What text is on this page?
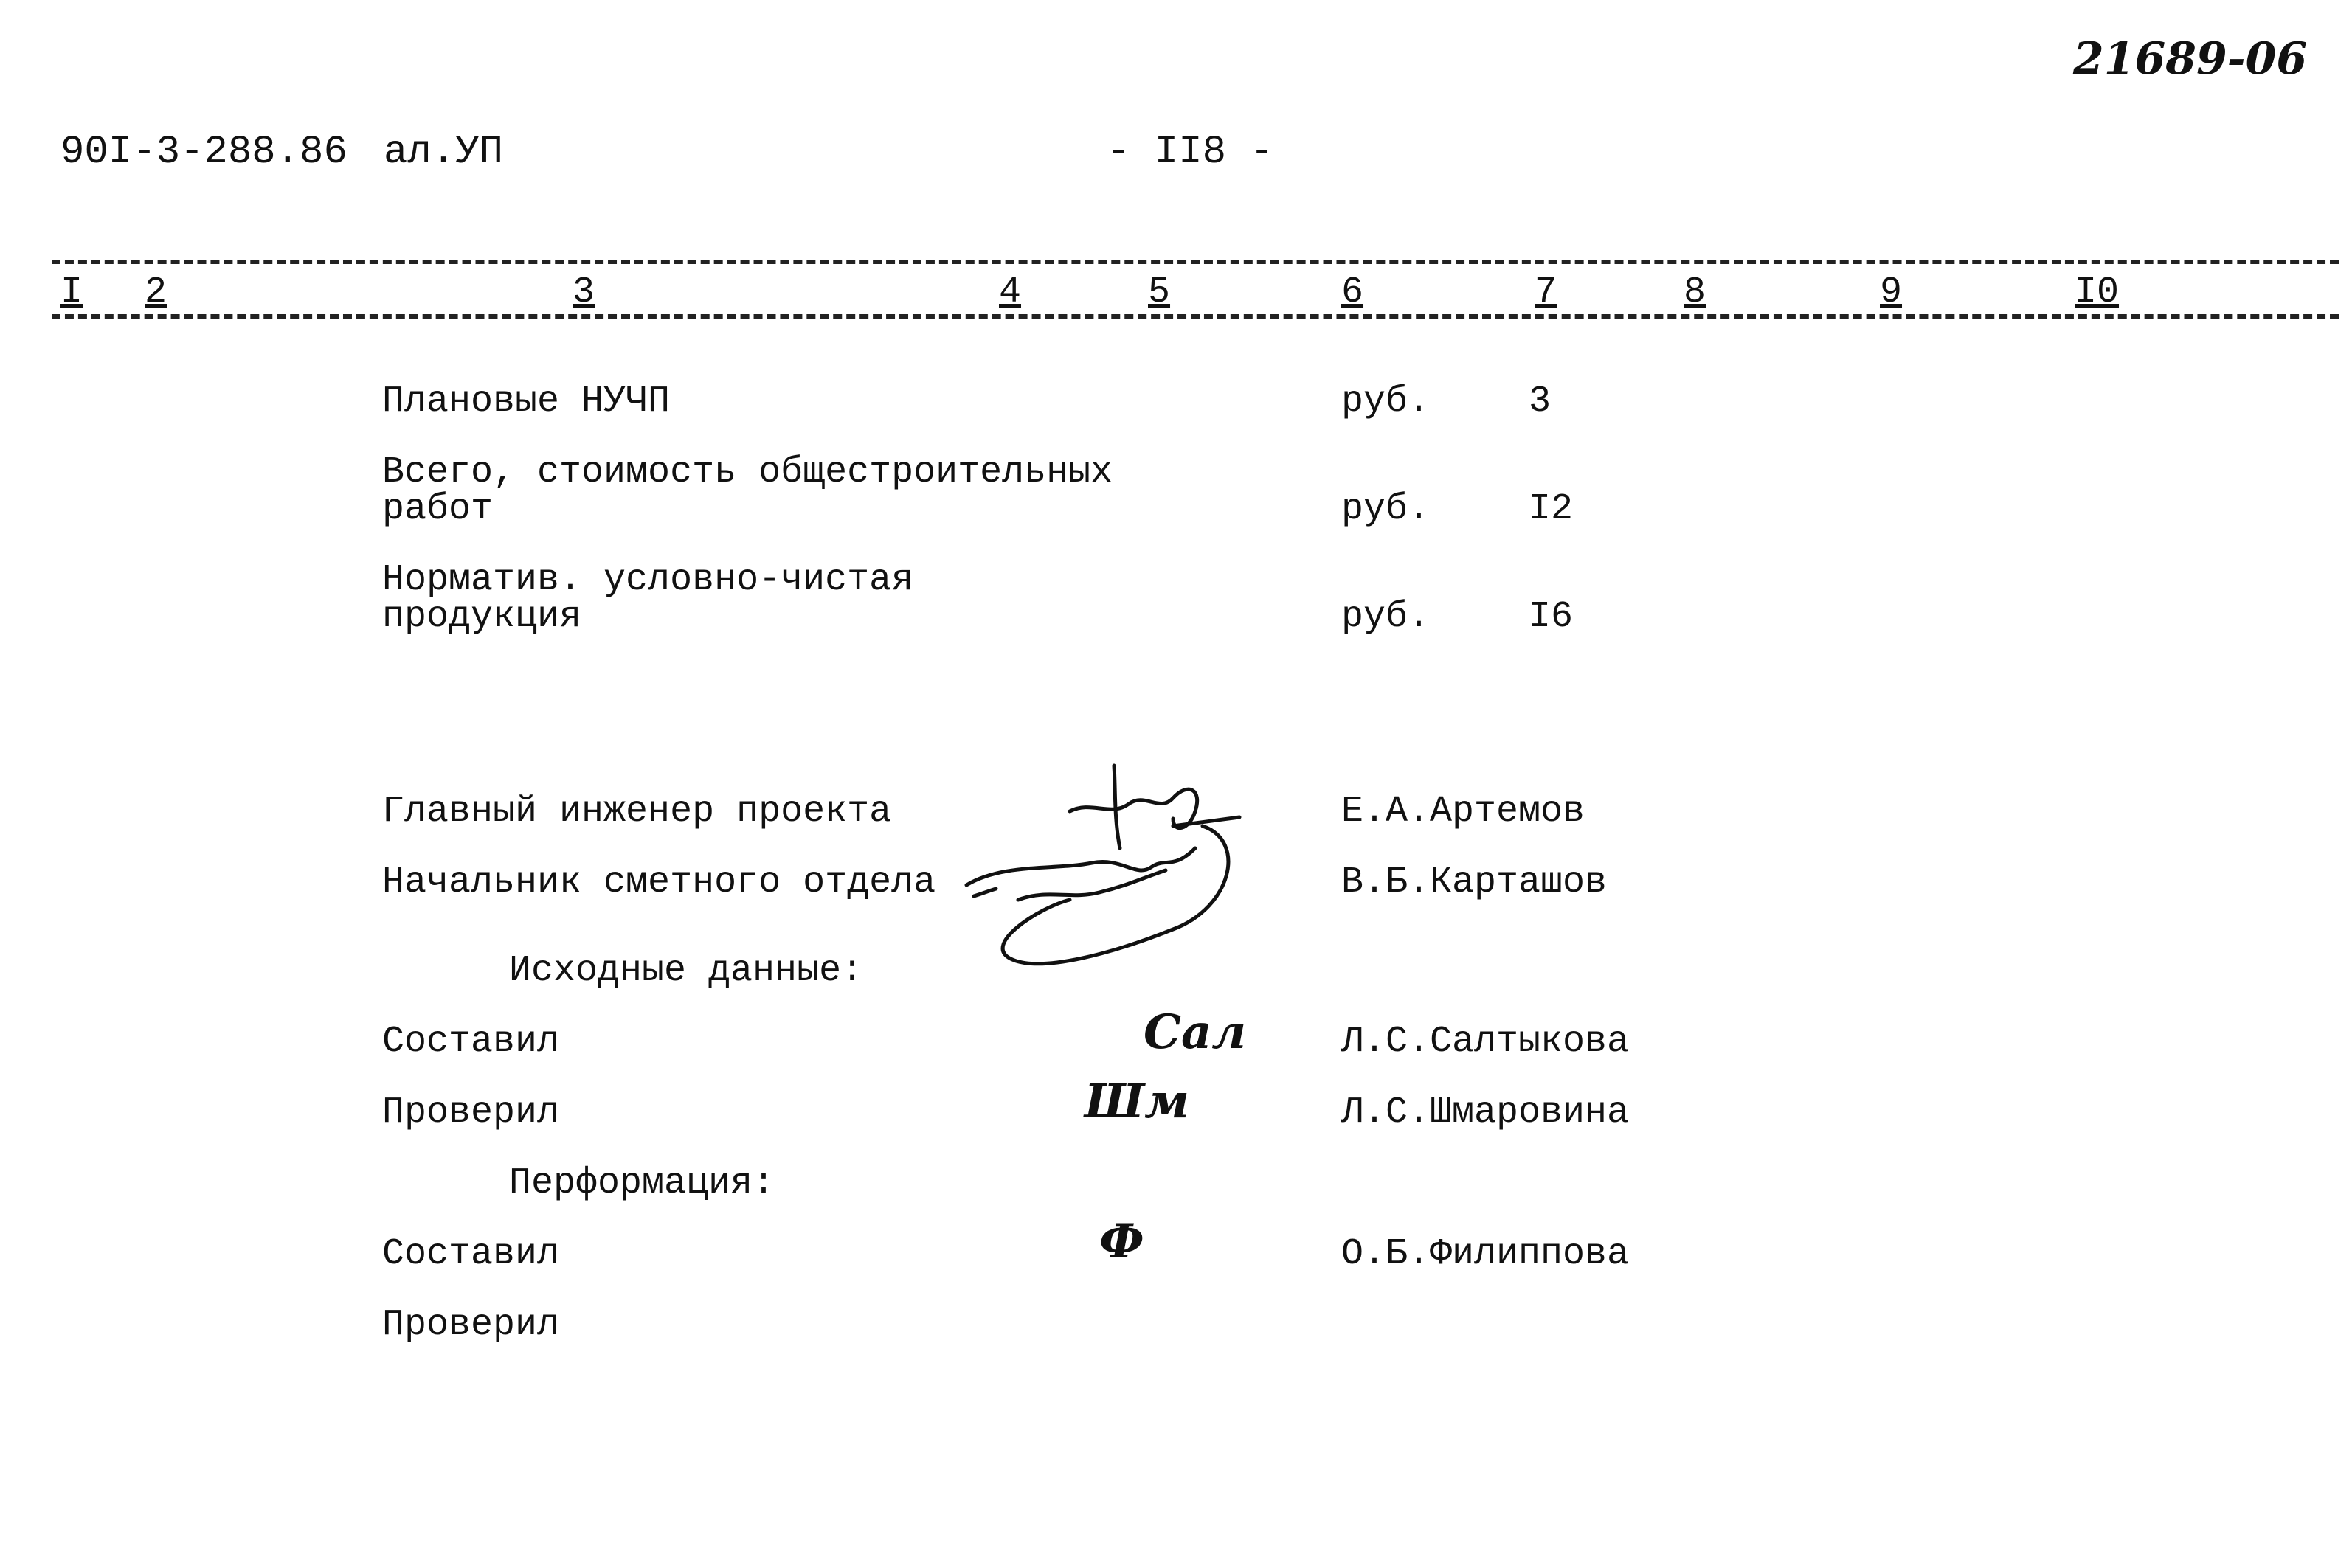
21689-06
90I-3-288.86 ал.УП	- II8 -
I 2	3	4	5	6	7	8	9	I0
Плановые НУЧП	руб.	3
Всего, стоимость общестроительных
работ	руб.	I2
Норматив. условно-чистая
продукция	руб.	I6
Главный инженер проекта	Е.А.Артемов
Начальник сметного отдела	В.Б.Карташов
Исходные данные:
Составил	Сал	Л.С.Салтыкова
Проверил	Шм	Л.С.Шмаровина
Перформация:
Составил	Ф	О.Б.Филиппова
Проверил
